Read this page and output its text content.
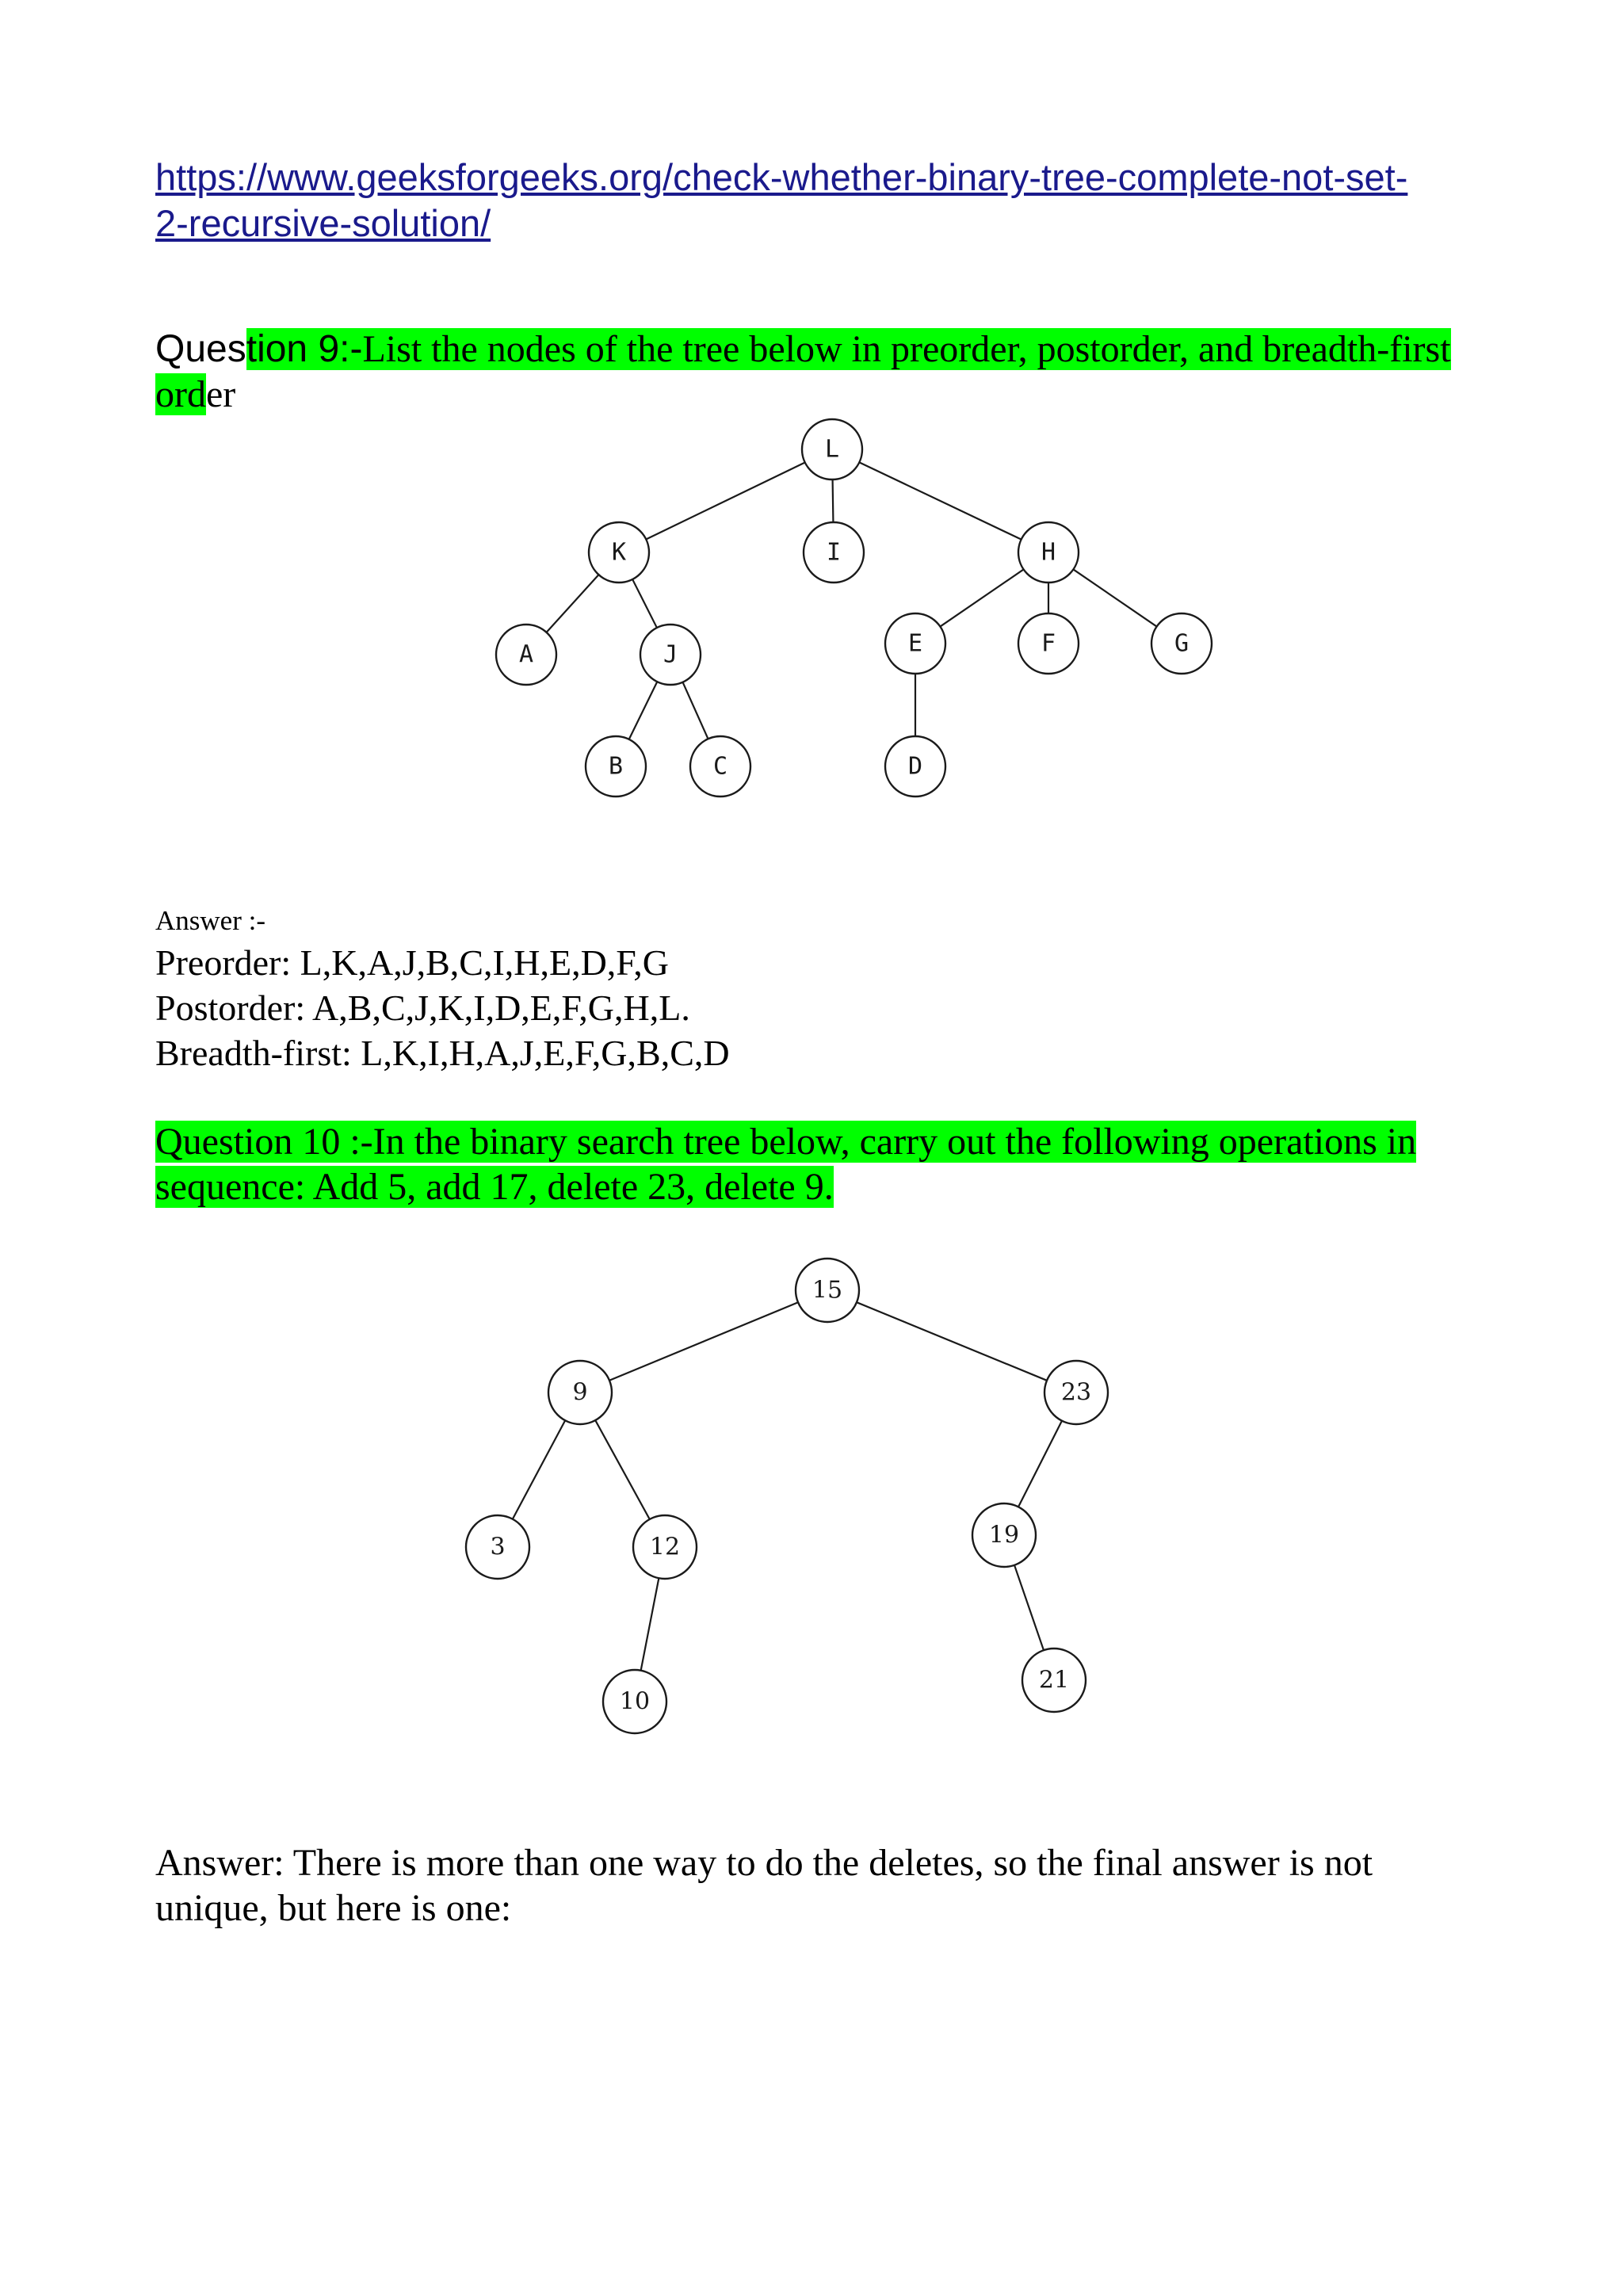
https://www.geeksforgeeks.org/check-whether-binary-tree-complete-not-set-
2-recursive-solution/
Question 9:-List the nodes of the tree below in preorder, postorder, and breadth-first
order
L
K	I	H
A	J	E	F	G
B	C	D
Answer :-
Preorder: L,K,A,J,B,C,I,H,E,D,F,G
Postorder: A,B,C,J,K,I,D,E,F,G,H,L.
Breadth-first: L,K,I,H,A,J,E,F,G,B,C,D
Question 10 :-In the binary search tree below, carry out the following operations in
sequence: Add 5, add 17, delete 23, delete 9.
15
9	23
3	12	19
10
21
Answer: There is more than one way to do the deletes, so the final answer is not
unique, but here is one:
